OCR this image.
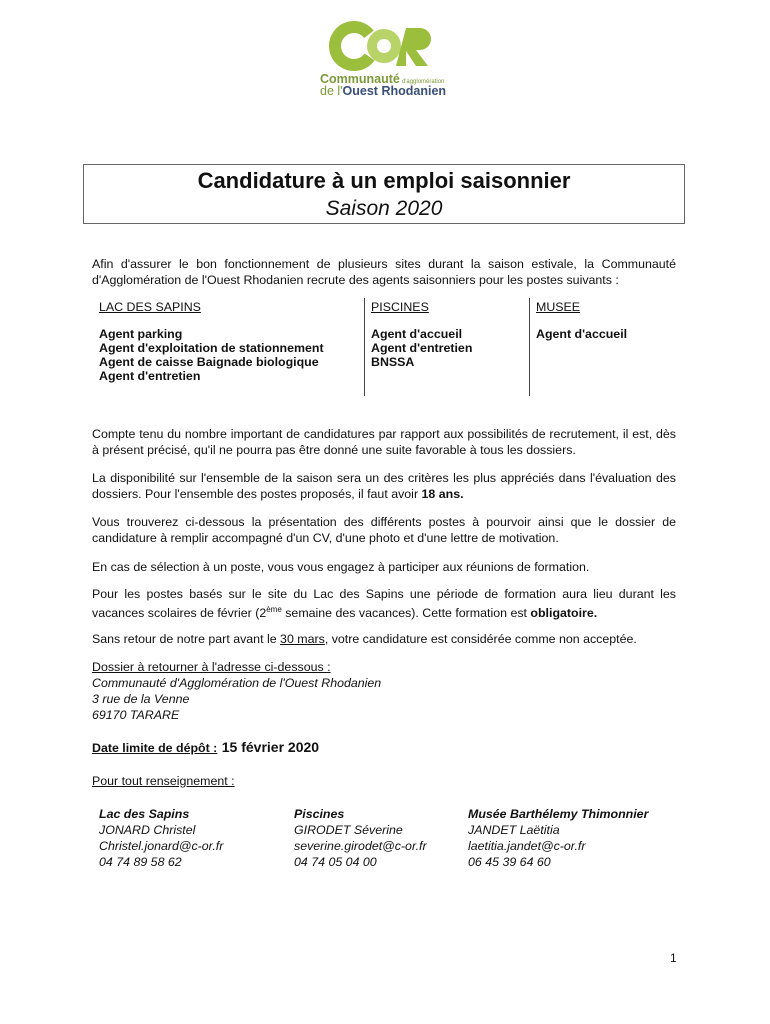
Communauté d'agglomération
de l'Ouest Rhodanien
Candidature à un emploi saisonnier
Saison 2020

Afin d'assurer le bon fonctionnement de plusieurs sites durant la saison estivale, la Communauté d'Agglomération de l'Ouest Rhodanien recrute des agents saisonniers pour les postes suivants :

LAC DES SAPINS	PISCINES	MUSEE
Agent parking
Agent d'exploitation de stationnement
Agent de caisse Baignade biologique
Agent d'entretien
Agent d'accueil
Agent d'entretien
BNSSA
Agent d'accueil

Compte tenu du nombre important de candidatures par rapport aux possibilités de recrutement, il est, dès à présent précisé, qu'il ne pourra pas être donné une suite favorable à tous les dossiers.

La disponibilité sur l'ensemble de la saison sera un des critères les plus appréciés dans l'évaluation des dossiers. Pour l'ensemble des postes proposés, il faut avoir 18 ans.

Vous trouverez ci-dessous la présentation des différents postes à pourvoir ainsi que le dossier de candidature à remplir accompagné d'un CV, d'une photo et d'une lettre de motivation.

En cas de sélection à un poste, vous vous engagez à participer aux réunions de formation.

Pour les postes basés sur le site du Lac des Sapins une période de formation aura lieu durant les vacances scolaires de février (2ème semaine des vacances). Cette formation est obligatoire.

Sans retour de notre part avant le 30 mars, votre candidature est considérée comme non acceptée.

Dossier à retourner à l'adresse ci-dessous :
Communauté d'Agglomération de l'Ouest Rhodanien
3 rue de la Venne
69170 TARARE
Date limite de dépôt : 15 février 2020
Pour tout renseignement :
Lac des Sapins
JONARD Christel
Christel.jonard@c-or.fr
04 74 89 58 62
Piscines
GIRODET Séverine
severine.girodet@c-or.fr
04 74 05 04 00
Musée Barthélemy Thimonnier
JANDET Laëtitia
laetitia.jandet@c-or.fr
06 45 39 64 60
1
